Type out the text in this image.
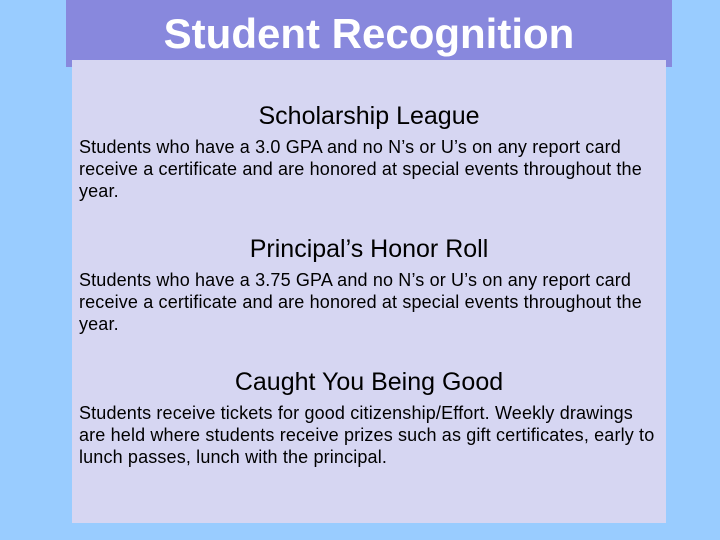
Student Recognition
Scholarship League
Students who have a 3.0 GPA and no N’s or U’s on any report card receive a certificate and are honored at special events throughout the year.
Principal’s Honor Roll
Students who have a 3.75 GPA and no N’s or U’s on any report card receive a certificate and are honored at special events throughout the year.
Caught You Being Good
Students receive tickets for good citizenship/Effort. Weekly drawings are held where students receive prizes such as gift certificates, early to lunch passes, lunch with the principal.
